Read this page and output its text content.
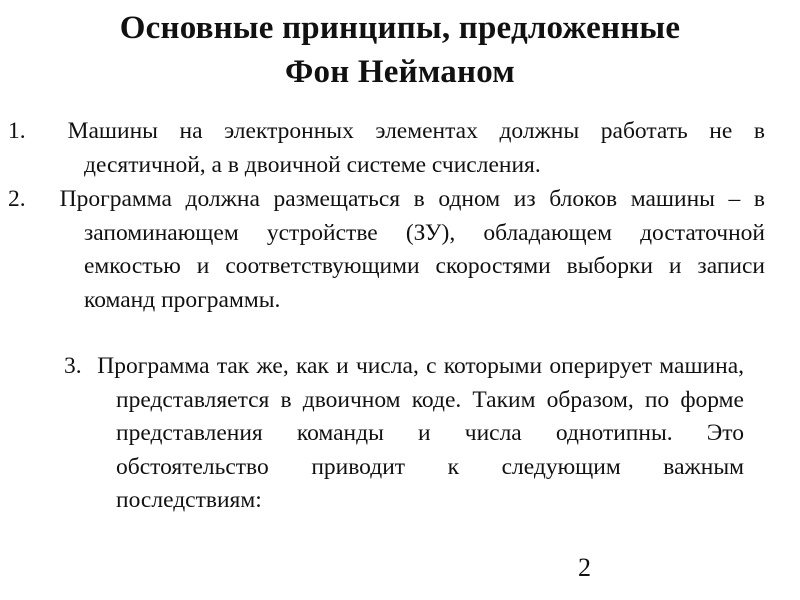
Основные принципы, предложенные
Фон Нейманом
1.  Машины на электронных элементах должны работать не в десятичной, а в двоичной системе счисления.
2.  Программа должна размещаться в одном из блоков машины – в запоминающем устройстве (ЗУ), обладающем достаточной емкостью и соответствующими скоростями выборки и записи команд программы.
3.  Программа так же, как и числа, с которыми оперирует машина, представляется в двоичном коде. Таким образом, по форме представления команды и числа однотипны. Это обстоятельство приводит к следующим важным последствиям:
2
